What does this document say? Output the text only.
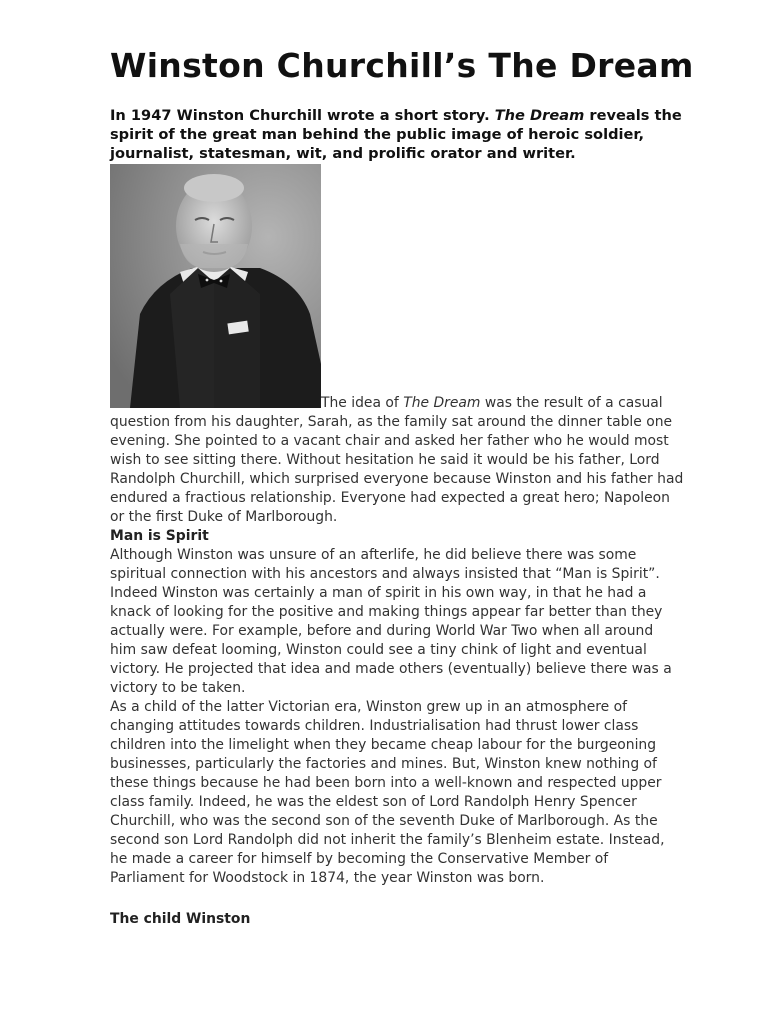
Winston Churchill’s The Dream

In 1947 Winston Churchill wrote a short story. The Dream reveals the
spirit of the great man behind the public image of heroic soldier,
journalist, statesman, wit, and prolific orator and writer.

The idea of The Dream was the result of a casual
question from his daughter, Sarah, as the family sat around the dinner table one
evening. She pointed to a vacant chair and asked her father who he would most
wish to see sitting there. Without hesitation he said it would be his father, Lord
Randolph Churchill, which surprised everyone because Winston and his father had
endured a fractious relationship. Everyone had expected a great hero; Napoleon
or the first Duke of Marlborough.

Man is Spirit

Although Winston was unsure of an afterlife, he did believe there was some
spiritual connection with his ancestors and always insisted that “Man is Spirit”.
Indeed Winston was certainly a man of spirit in his own way, in that he had a
knack of looking for the positive and making things appear far better than they
actually were. For example, before and during World War Two when all around
him saw defeat looming, Winston could see a tiny chink of light and eventual
victory. He projected that idea and made others (eventually) believe there was a
victory to be taken.

As a child of the latter Victorian era, Winston grew up in an atmosphere of
changing attitudes towards children. Industrialisation had thrust lower class
children into the limelight when they became cheap labour for the burgeoning
businesses, particularly the factories and mines. But, Winston knew nothing of
these things because he had been born into a well-known and respected upper
class family. Indeed, he was the eldest son of Lord Randolph Henry Spencer
Churchill, who was the second son of the seventh Duke of Marlborough. As the
second son Lord Randolph did not inherit the family’s Blenheim estate. Instead,
he made a career for himself by becoming the Conservative Member of
Parliament for Woodstock in 1874, the year Winston was born.

The child Winston
